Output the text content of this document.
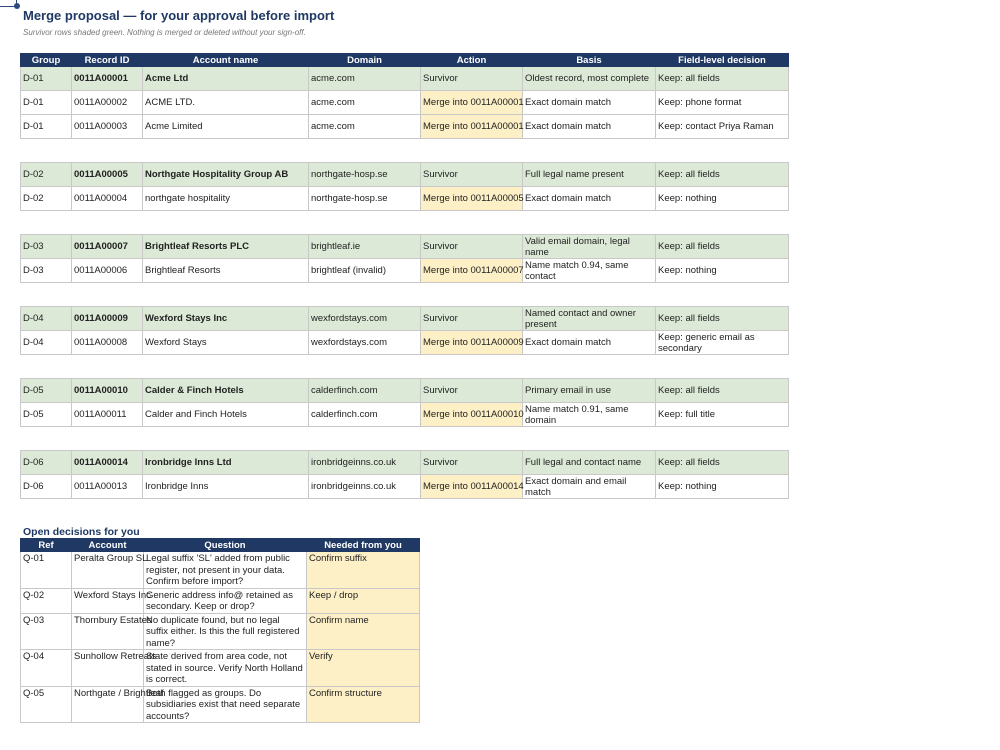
Merge proposal — for your approval before import
Survivor rows shaded green. Nothing is merged or deleted without your sign-off.
Group	Record ID	Account name	Domain	Action	Basis	Field-level decision
D-01	0011A00001	Acme Ltd	acme.com	Survivor	Oldest record, most complete	Keep: all fields
D-01	0011A00002	ACME LTD.	acme.com	Merge into 0011A00001	Exact domain match	Keep: phone format
D-01	0011A00003	Acme Limited	acme.com	Merge into 0011A00001	Exact domain match	Keep: contact Priya Raman

D-02	0011A00005	Northgate Hospitality Group AB	northgate-hosp.se	Survivor	Full legal name present	Keep: all fields
D-02	0011A00004	northgate hospitality	northgate-hosp.se	Merge into 0011A00005	Exact domain match	Keep: nothing

D-03	0011A00007	Brightleaf Resorts PLC	brightleaf.ie	Survivor	Valid email domain, legal name	Keep: all fields
D-03	0011A00006	Brightleaf Resorts	brightleaf (invalid)	Merge into 0011A00007	Name match 0.94, same contact	Keep: nothing

D-04	0011A00009	Wexford Stays Inc	wexfordstays.com	Survivor	Named contact and owner present	Keep: all fields
D-04	0011A00008	Wexford Stays	wexfordstays.com	Merge into 0011A00009	Exact domain match	Keep: generic email as secondary

D-05	0011A00010	Calder & Finch Hotels	calderfinch.com	Survivor	Primary email in use	Keep: all fields
D-05	0011A00011	Calder and Finch Hotels	calderfinch.com	Merge into 0011A00010	Name match 0.91, same domain	Keep: full title

D-06	0011A00014	Ironbridge Inns Ltd	ironbridgeinns.co.uk	Survivor	Full legal and contact name	Keep: all fields
D-06	0011A00013	Ironbridge Inns	ironbridgeinns.co.uk	Merge into 0011A00014	Exact domain and email match	Keep: nothing
Open decisions for you
Ref	Account	Question	Needed from you
Q-01	Peralta Group SL	Legal suffix 'SL' added from public register, not present in your data. Confirm before import?	Confirm suffix
Q-02	Wexford Stays Inc	Generic address info@ retained as secondary. Keep or drop?	Keep / drop
Q-03	Thornbury Estates	No duplicate found, but no legal suffix either. Is this the full registered name?	Confirm name
Q-04	Sunhollow Retreats	State derived from area code, not stated in source. Verify North Holland is correct.	Verify
Q-05	Northgate / Brightleaf	Both flagged as groups. Do subsidiaries exist that need separate accounts?	Confirm structure
